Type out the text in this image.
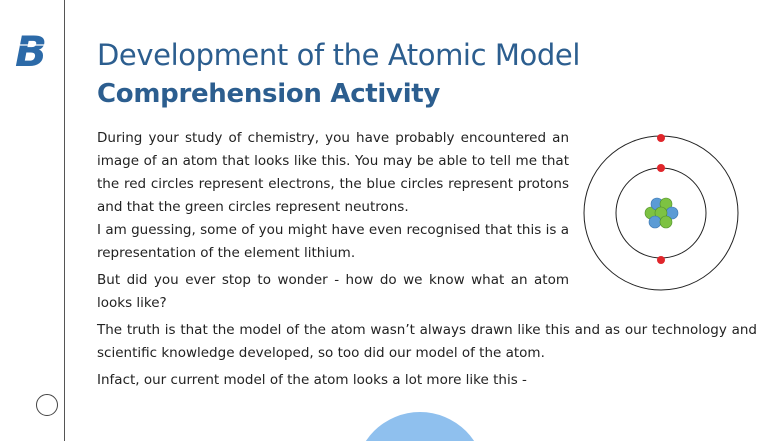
B Development of the Atomic Model
Comprehension Activity

During your study of chemistry, you have probably encountered an image of an atom that looks like this. You may be able to tell me that the red circles represent electrons, the blue circles represent protons and that the green circles represent neutrons.

I am guessing, some of you might have even recognised that this is a representation of the element lithium.

But did you ever stop to wonder - how do we know what an atom looks like?

The truth is that the model of the atom wasn’t always drawn like this and as our technology and scientific knowledge developed, so too did our model of the atom.

Infact, our current model of the atom looks a lot more like this -
